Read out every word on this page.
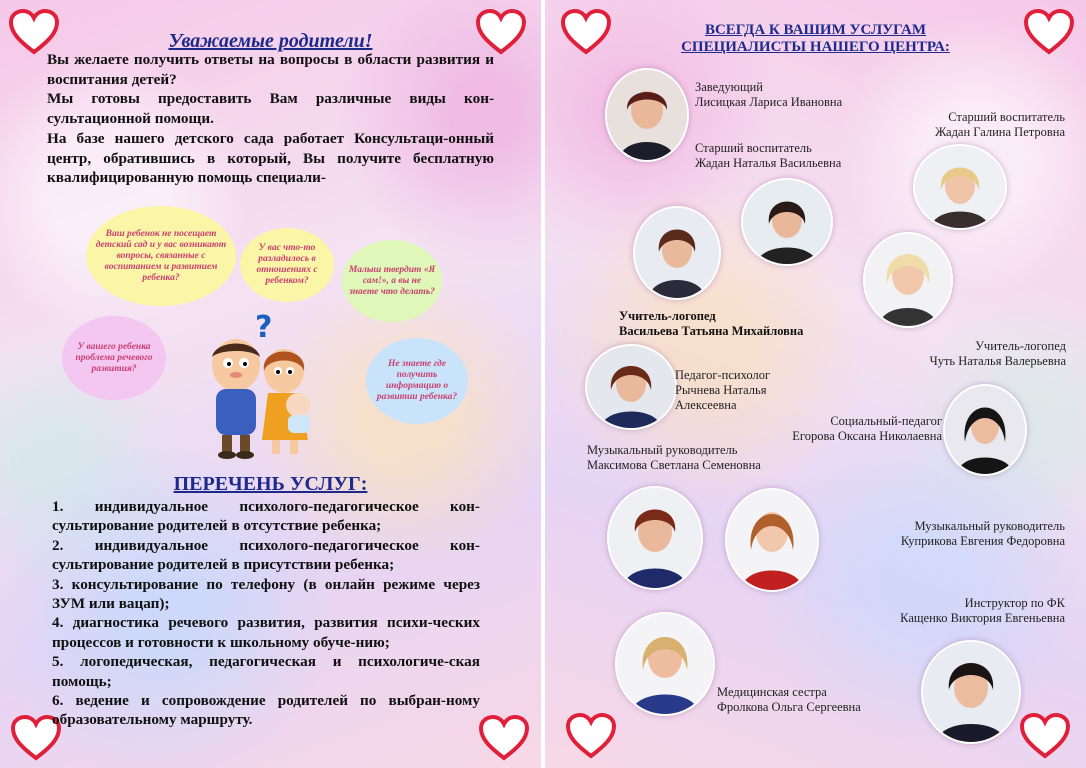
Уважаемые родители!

Вы желаете получить ответы на вопросы в области развития и воспитания детей?

Мы готовы предоставить Вам различные виды кон-сультационной помощи.

На базе нашего детского сада работает Консультаци-онный центр, обратившись в который, Вы получите бесплатную квалифицированную помощь специали-

Ваш ребенок не посещает детский сад и у вас возникают вопросы, связанные с воспитанием и развитием ребенка?
У вас что-то разладилось в отношениях с ребенком?
Малыш твердит «Я сам!», а вы не знаете что делать?
У вашего ребенка проблема речевого развития?	Не знаете где получить информацию о развитии ребенка?
?
ПЕРЕЧЕНЬ УСЛУГ:

1. индивидуальное психолого-педагогическое кон-сультирование родителей в отсутствие ребенка;

2. индивидуальное психолого-педагогическое кон-сультирование родителей в присутствии ребенка;

3. консультирование по телефону (в онлайн режиме через ЗУМ или вацап);

4. диагностика речевого развития, развития психи-ческих процессов и готовности к школьному обуче-нию;

5. логопедическая, педагогическая и психологиче-ская помощь;

6. ведение и сопровождение родителей по выбран-ному образовательному маршруту.

ВСЕГДА К ВАШИМ УСЛУГАМ
СПЕЦИАЛИСТЫ НАШЕГО ЦЕНТРА:
Заведующий
Лисицкая Лариса Ивановна
Старший воспитатель
Жадан Галина Петровна
Старший воспитатель
Жадан Наталья Васильевна
Учитель-логопед
Васильева Татьяна Михайловна
Учитель-логопед
Чуть Наталья Валерьевна
Педагог-психолог
Рычнева Наталья
Алексеевна
Социальный-педагог
Егорова Оксана Николаевна
Музыкальный руководитель
Максимова Светлана Семеновна
Музыкальный руководитель
Куприкова Евгения Федоровна
Инструктор по ФК
Кащенко Виктория Евгеньевна
Медицинская сестра
Фролкова Ольга Сергеевна
